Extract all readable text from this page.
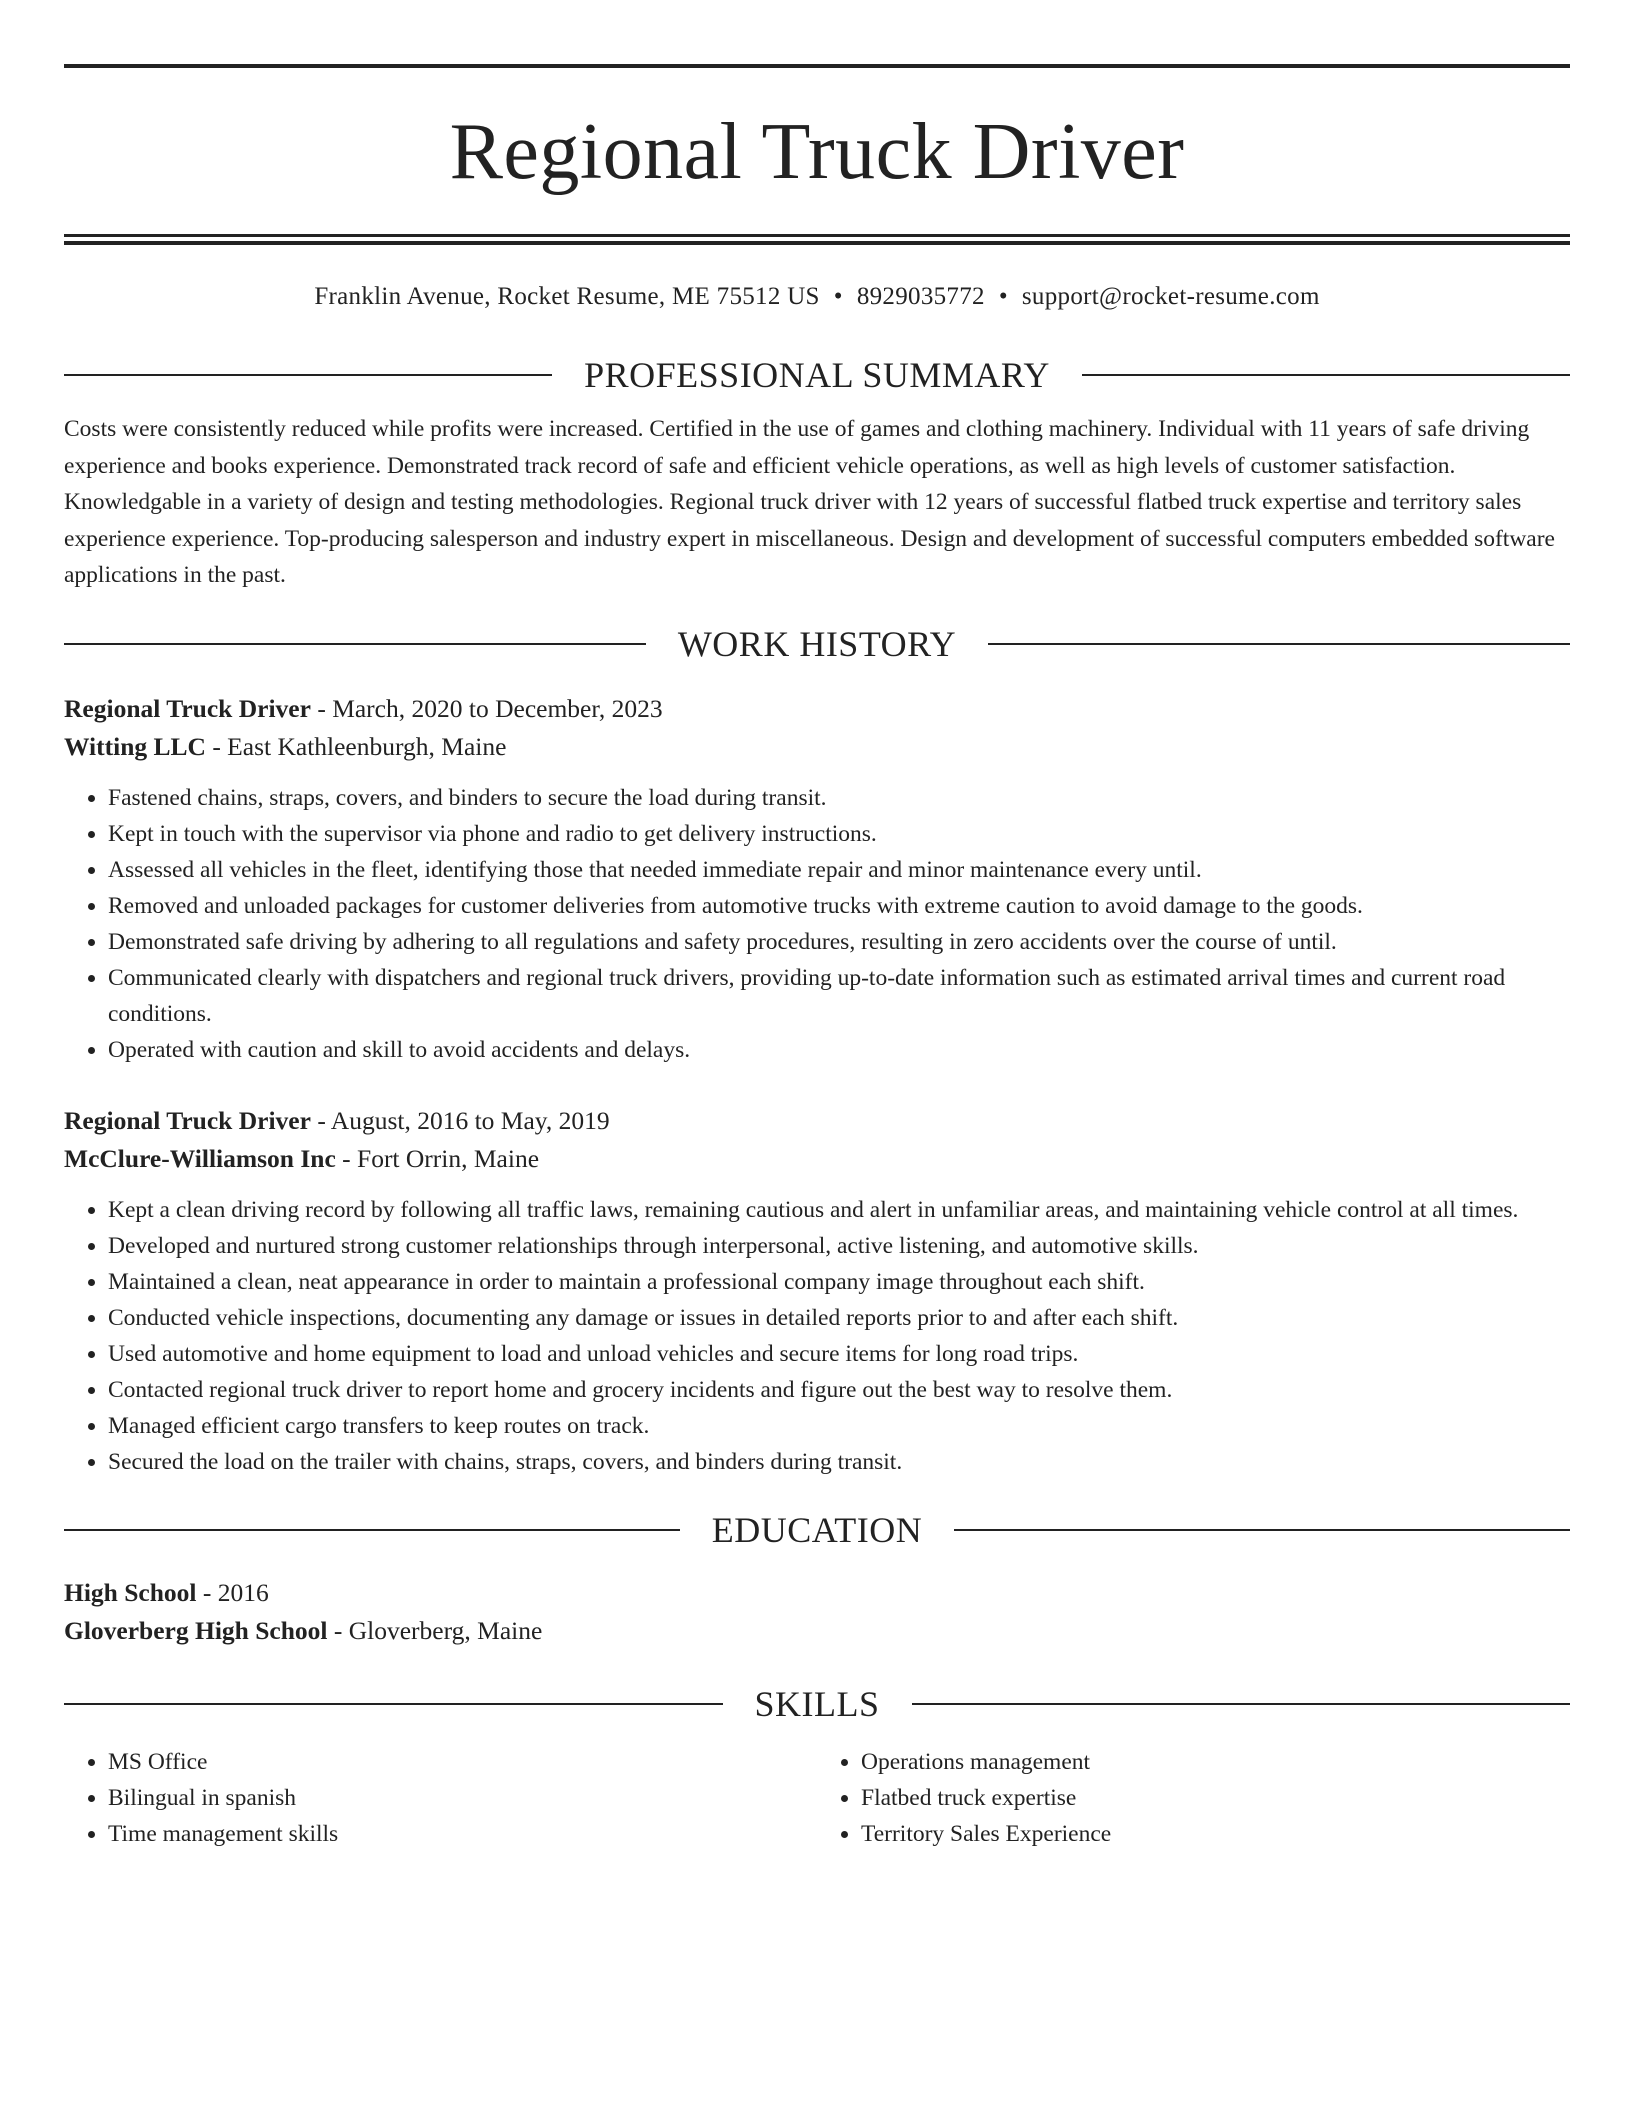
Regional Truck Driver
Franklin Avenue, Rocket Resume, ME 75512 US • 8929035772 • support@rocket-resume.com
PROFESSIONAL SUMMARY

Costs were consistently reduced while profits were increased. Certified in the use of games and clothing machinery. Individual with 11 years of safe driving experience and books experience. Demonstrated track record of safe and efficient vehicle operations, as well as high levels of customer satisfaction. Knowledgable in a variety of design and testing methodologies. Regional truck driver with 12 years of successful flatbed truck expertise and territory sales experience experience. Top-producing salesperson and industry expert in miscellaneous. Design and development of successful computers embedded software applications in the past.

WORK HISTORY
Regional Truck Driver - March, 2020 to December, 2023
Witting LLC - East Kathleenburgh, Maine
• Fastened chains, straps, covers, and binders to secure the load during transit.
• Kept in touch with the supervisor via phone and radio to get delivery instructions.
• Assessed all vehicles in the fleet, identifying those that needed immediate repair and minor maintenance every until.
• Removed and unloaded packages for customer deliveries from automotive trucks with extreme caution to avoid damage to the goods.
• Demonstrated safe driving by adhering to all regulations and safety procedures, resulting in zero accidents over the course of until.
• Communicated clearly with dispatchers and regional truck drivers, providing up-to-date information such as estimated arrival times and current road conditions.
• Operated with caution and skill to avoid accidents and delays.
Regional Truck Driver - August, 2016 to May, 2019
McClure-Williamson Inc - Fort Orrin, Maine
• Kept a clean driving record by following all traffic laws, remaining cautious and alert in unfamiliar areas, and maintaining vehicle control at all times.
• Developed and nurtured strong customer relationships through interpersonal, active listening, and automotive skills.
• Maintained a clean, neat appearance in order to maintain a professional company image throughout each shift.
• Conducted vehicle inspections, documenting any damage or issues in detailed reports prior to and after each shift.
• Used automotive and home equipment to load and unload vehicles and secure items for long road trips.
• Contacted regional truck driver to report home and grocery incidents and figure out the best way to resolve them.
• Managed efficient cargo transfers to keep routes on track.
• Secured the load on the trailer with chains, straps, covers, and binders during transit.
EDUCATION
High School - 2016
Gloverberg High School - Gloverberg, Maine
SKILLS
• MS Office
• Bilingual in spanish
• Time management skills
• Operations management
• Flatbed truck expertise
• Territory Sales Experience
